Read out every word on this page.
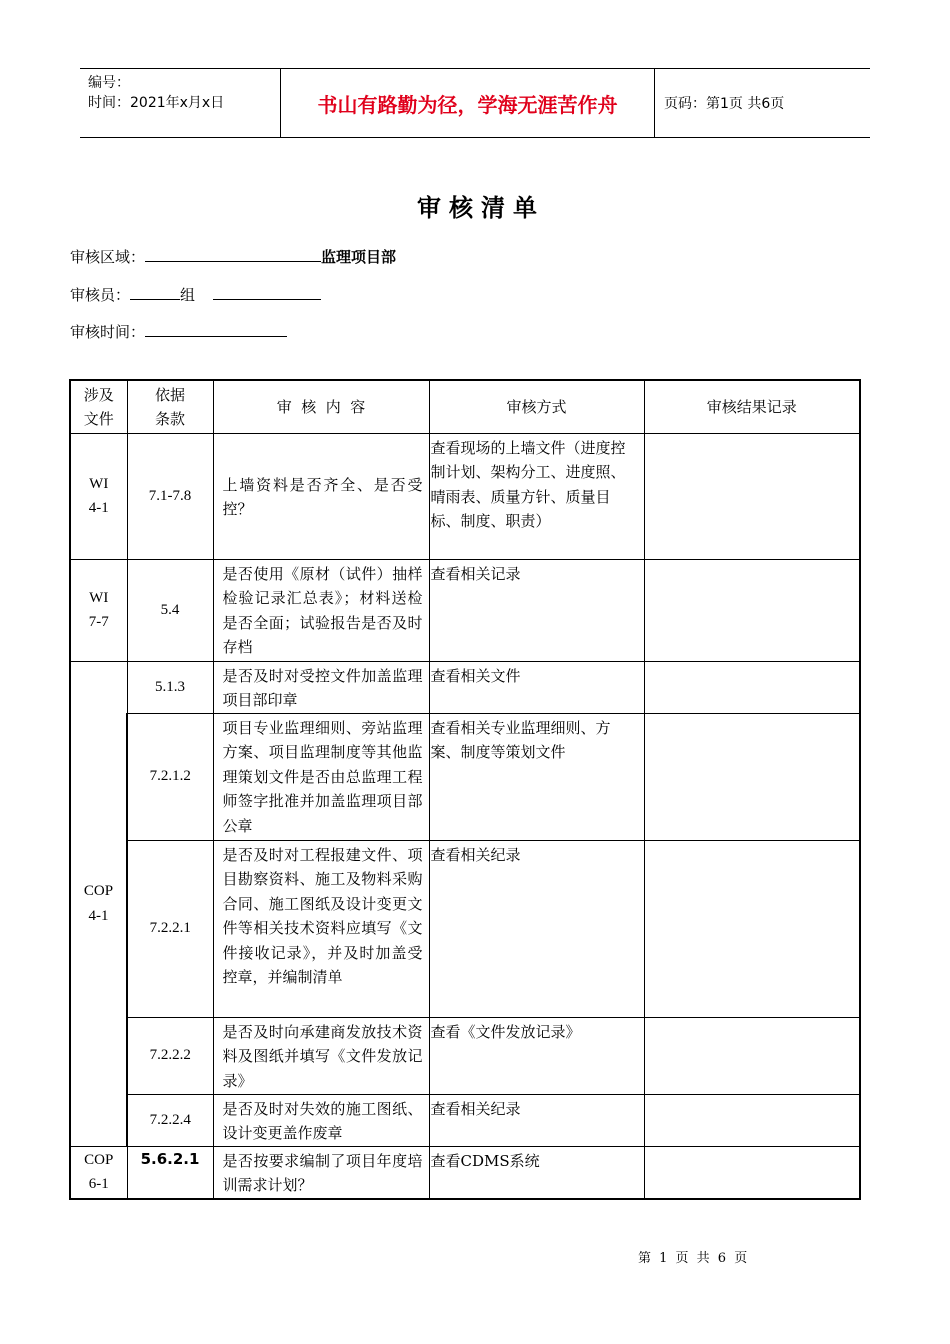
编号：
时间：2021年x月x日	书山有路勤为径，学海无涯苦作舟	页码：第1页 共6页
审核清单
审核区域：	监理项目部
审核员：	组
审核时间：
涉及文件	依据条款	审  核  内  容	审核方式	审核结果记录

WI 4-1	7.1-7.8	上墙资料是否齐全、是否受控？	查看现场的上墙文件（进度控制计划、架构分工、进度照、晴雨表、质量方针、质量目标、制度、职责）	

WI 7-7	5.4	是否使用《原材（试件）抽样检验记录汇总表》；材料送检是否全面；试验报告是否及时存档	查看相关记录	

COP 4-1	5.1.3	是否及时对受控文件加盖监理项目部印章	查看相关文件	
	7.2.1.2	项目专业监理细则、旁站监理方案、项目监理制度等其他监理策划文件是否由总监理工程师签字批准并加盖监理项目部公章	查看相关专业监理细则、方案、制度等策划文件	
	7.2.2.1	是否及时对工程报建文件、项目勘察资料、施工及物料采购合同、施工图纸及设计变更文件等相关技术资料应填写《文件接收记录》，并及时加盖受控章，并编制清单	查看相关纪录	
	7.2.2.2	是否及时向承建商发放技术资料及图纸并填写《文件发放记录》	查看《文件发放记录》	
	7.2.2.4	是否及时对失效的施工图纸、设计变更盖作废章	查看相关纪录	

COP 6-1	5.6.2.1	是否按要求编制了项目年度培训需求计划？	查看CDMS系统	
第 1 页 共 6 页
